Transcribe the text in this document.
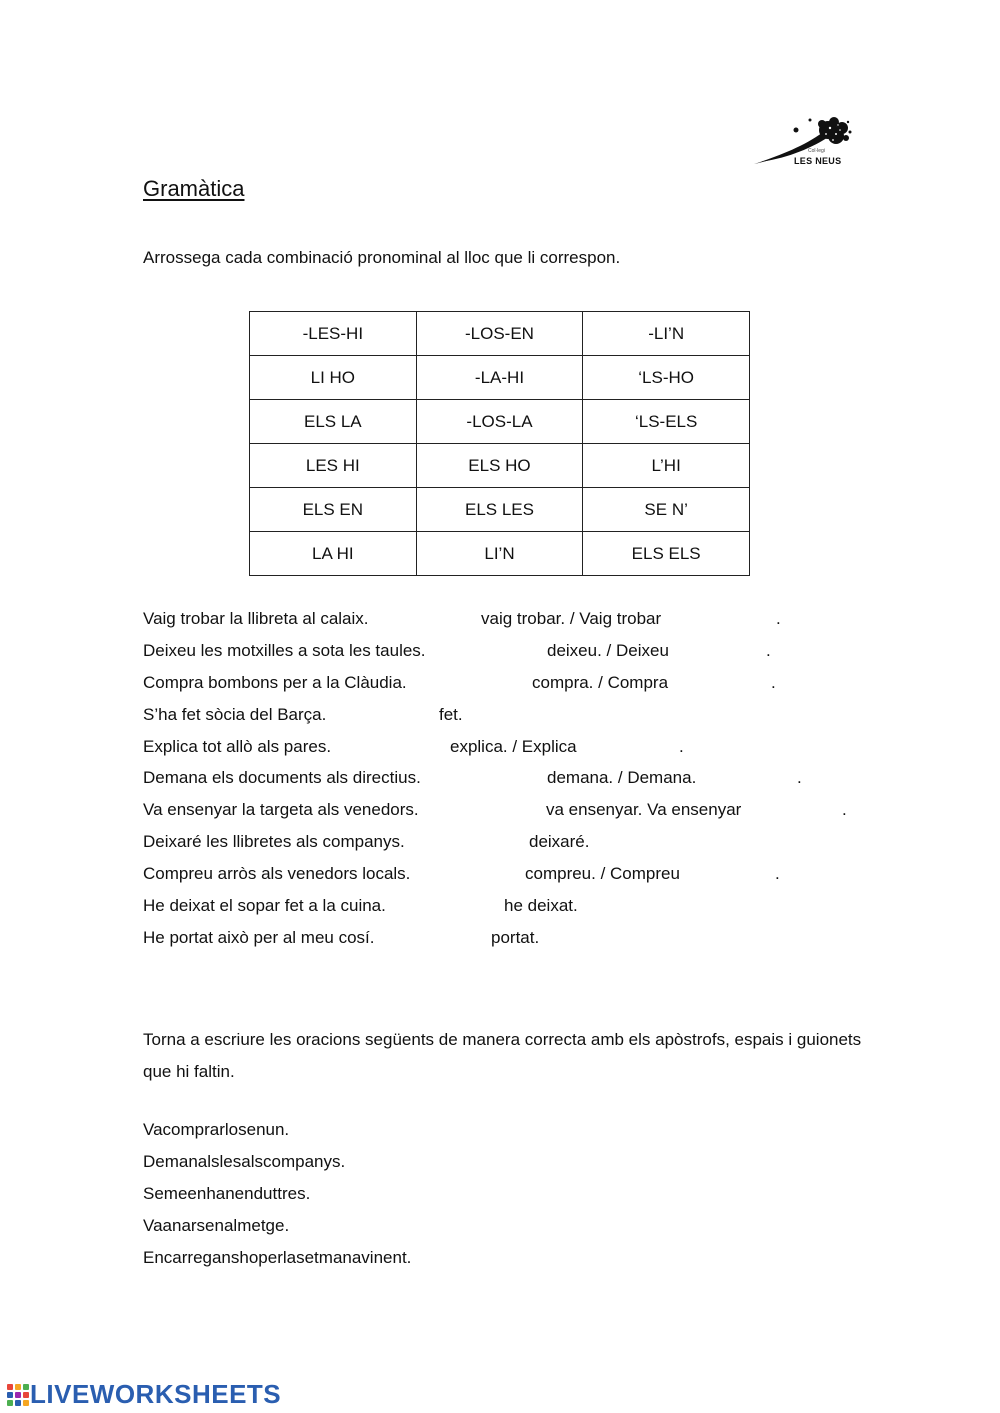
Col·legi
LES NEUS
Gramàtica
Arrossega cada combinació pronominal al lloc que li correspon.
-LES-HI	-LOS-EN	-LI’N
LI HO	-LA-HI	‘LS-HO
ELS LA	-LOS-LA	‘LS-ELS
LES HI	ELS HO	L’HI
ELS EN	ELS LES	SE N’
LA HI	LI’N	ELS ELS
Vaig trobar la llibreta al calaix.	vaig trobar. / Vaig trobar	.
Deixeu les motxilles a sota les taules.	deixeu. / Deixeu	.
Compra bombons per a la Clàudia.	compra. / Compra	.
S’ha fet sòcia del Barça.	fet.
Explica tot allò als pares.	explica. / Explica	.
Demana els documents als directius.	demana. / Demana.	.
Va ensenyar la targeta als venedors.	va ensenyar. Va ensenyar	.
Deixaré les llibretes als companys.	deixaré.
Compreu arròs als venedors locals.	compreu. / Compreu	.
He deixat el sopar fet a la cuina.	he deixat.
He portat això per al meu cosí.	portat.
Torna a escriure les oracions següents de manera correcta amb els apòstrofs, espais i guionets que hi faltin.
Vacomprarlosenun.
Demanalslesalscompanys.
Semeenhanenduttres.
Vaanarsenalmetge.
Encarreganshoperlasetmanavinent.
LIVEWORKSHEETS
